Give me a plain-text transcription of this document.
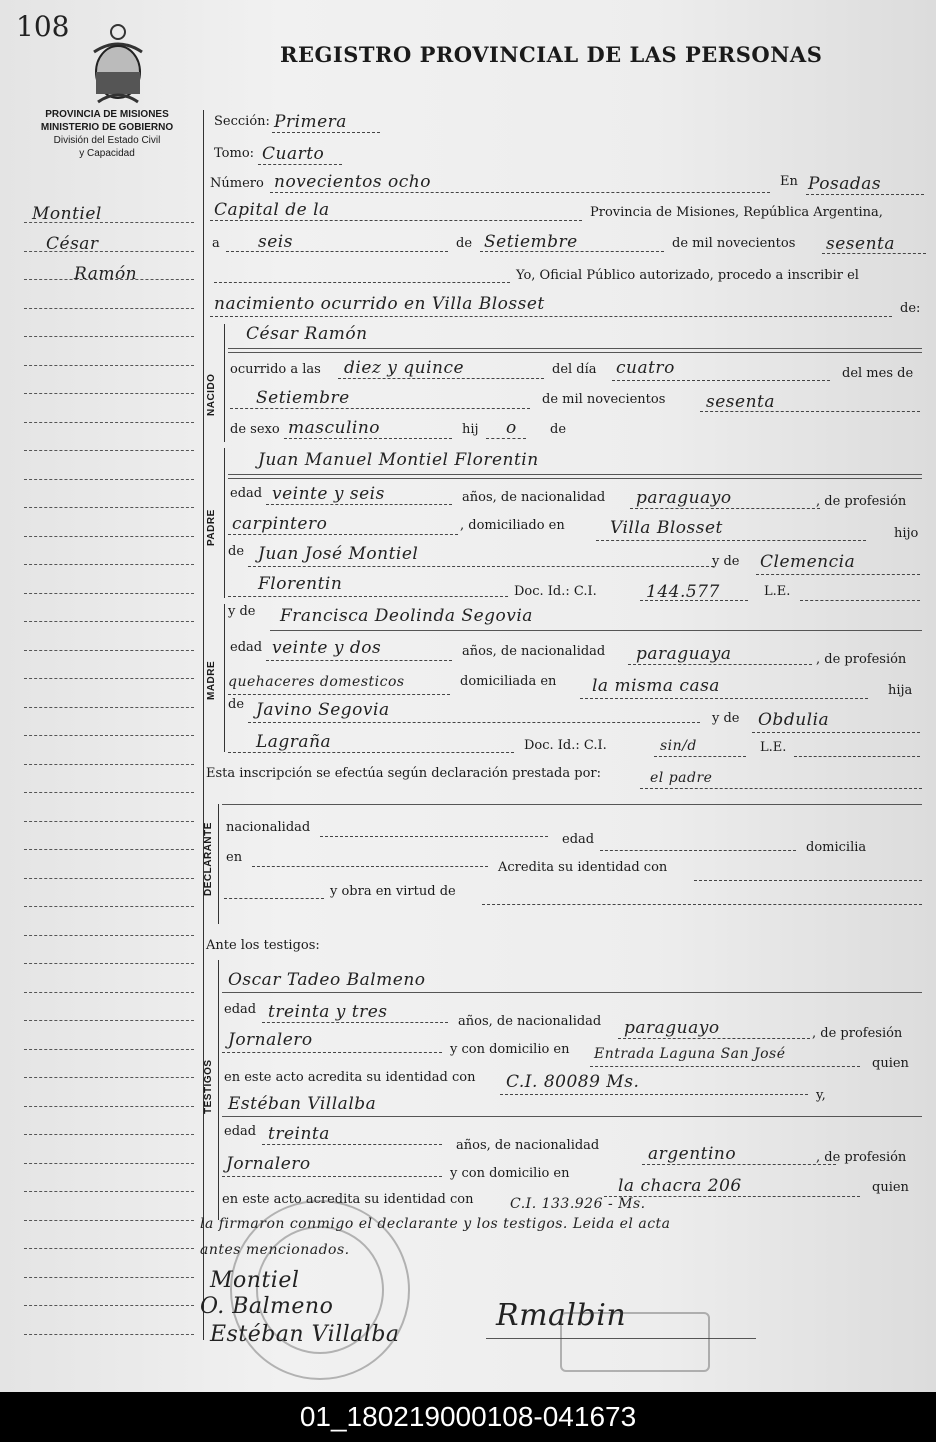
108
REGISTRO PROVINCIAL DE LAS PERSONAS
PROVINCIA DE MISIONES
MINISTERIO DE GOBIERNO
División del Estado Civil
y Capacidad
Montiel
César
Ramón
Sección: Primera
Tomo: Cuarto
Número novecientos ocho	En Posadas
Capital de la	Provincia de Misiones, República Argentina,
a seis	de Setiembre	de mil novecientos sesenta
Yo, Oficial Público autorizado, procedo a inscribir el
nacimiento ocurrido en Villa Blosset	de:
NACIDO
César Ramón
ocurrido a las diez y quince	del día cuatro	del mes de
Setiembre	de mil novecientos sesenta
de sexo masculino	hij o	de
PADRE
Juan Manuel Montiel Florentin
edad veinte y seis	años, de nacionalidad paraguayo	, de profesión
carpintero	, domiciliado en	Villa Blosset	hijo
de Juan José Montiel	y de Clemencia
Florentin	Doc. Id.: C.I.	144.577	L.E.
MADRE
y de Francisca Deolinda Segovia
edad veinte y dos	años, de nacionalidad paraguaya	, de profesión
quehaceres domesticos	domiciliada en la misma casa	hija
de Javino Segovia	y de Obdulia
Lagraña	Doc. Id.: C.I.	sin/d	L.E.
Esta inscripción se efectúa según declaración prestada por:	el padre
DECLARANTE nacionalidad
edad
domicilia
en
Acredita su identidad con
y obra en virtud de
Ante los testigos:
TESTIGOS
Oscar Tadeo Balmeno
edad treinta y tres	años, de nacionalidad paraguayo	, de profesión
Jornalero	y con domicilio en Entrada Laguna San José
quien
en este acto acredita su identidad con C.I. 80089 Ms.
y,
Estéban Villalba
edad treinta
años, de nacionalidad	argentino	, de profesión
Jornalero	y con domicilio en
la chacra 206	quien
en este acto acredita su identidad con	C.I. 133.926 - Ms.
la firmaron conmigo el declarante y los testigos. Leida el acta
antes mencionados.
Montiel
O. Balmeno
Estéban Villalba
Rmalbin
01_180219000108-041673
